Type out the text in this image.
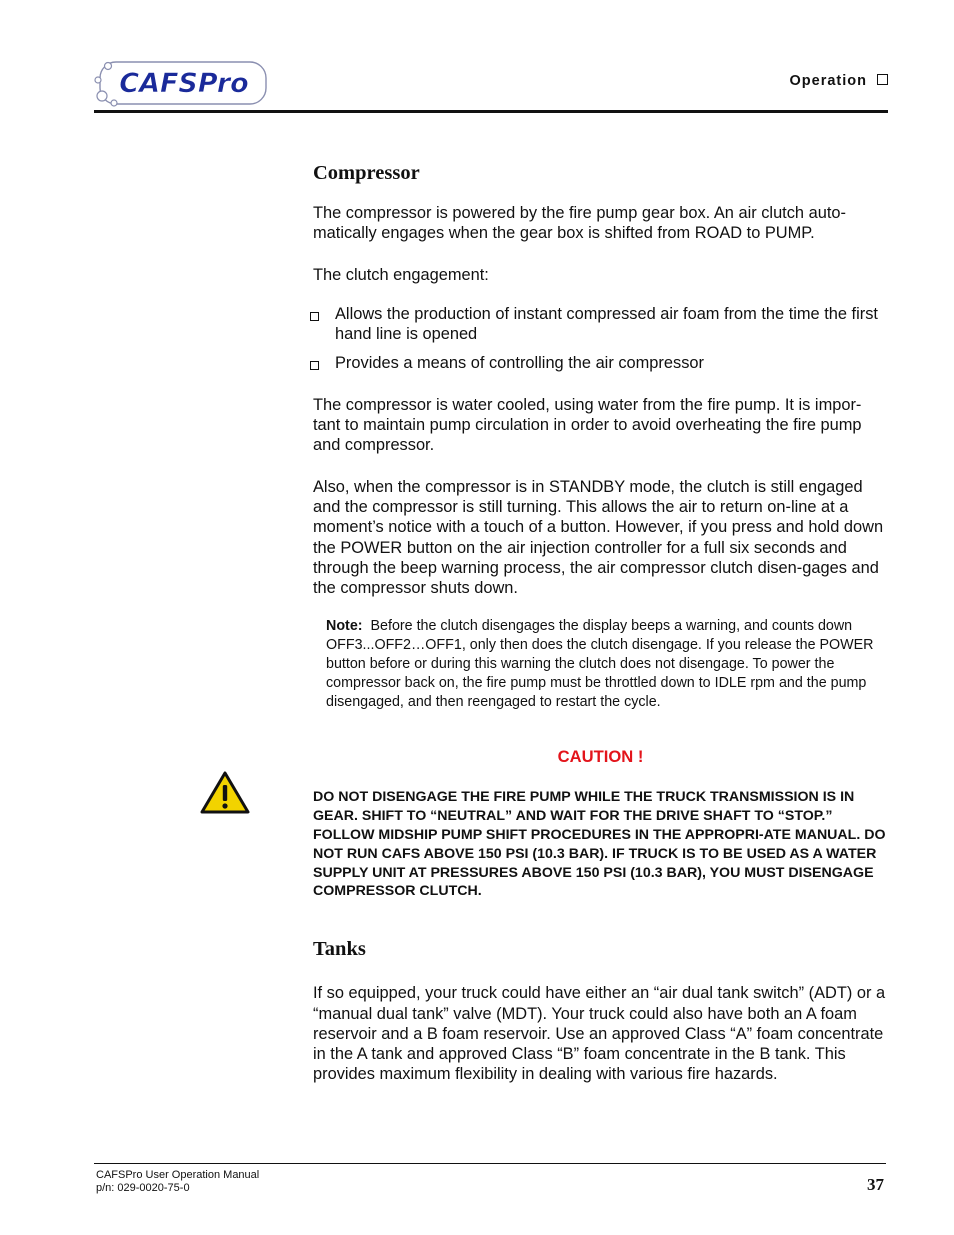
CAFSPro	Operation
Compressor

The compressor is powered by the fire pump gear box. An air clutch auto-matically engages when the gear box is shifted from ROAD to PUMP.

The clutch engagement:

Allows the production of instant compressed air foam from the time the first hand line is opened
Provides a means of controlling the air compressor

The compressor is water cooled, using water from the fire pump. It is impor-tant to maintain pump circulation in order to avoid overheating the fire pump and compressor.

Also, when the compressor is in STANDBY mode, the clutch is still engaged and the compressor is still turning. This allows the air to return on-line at a moment’s notice with a touch of a button. However, if you press and hold down the POWER button on the air injection controller for a full six seconds and through the beep warning process, the air compressor clutch disen-gages and the compressor shuts down.

Note: Before the clutch disengages the display beeps a warning, and counts down OFF3...OFF2…OFF1, only then does the clutch disengage. If you release the POWER button before or during this warning the clutch does not disengage. To power the compressor back on, the fire pump must be throttled down to IDLE rpm and the pump disengaged, and then reengaged to restart the cycle.
CAUTION !
DO NOT DISENGAGE THE FIRE PUMP WHILE THE TRUCK TRANSMISSION IS IN GEAR. SHIFT TO “NEUTRAL” AND WAIT FOR THE DRIVE SHAFT TO “STOP.” FOLLOW MIDSHIP PUMP SHIFT PROCEDURES IN THE APPROPRI-ATE MANUAL. DO NOT RUN CAFS ABOVE 150 PSI (10.3 BAR). IF TRUCK IS TO BE USED AS A WATER SUPPLY UNIT AT PRESSURES ABOVE 150 PSI (10.3 BAR), YOU MUST DISENGAGE COMPRESSOR CLUTCH.
Tanks

If so equipped, your truck could have either an “air dual tank switch” (ADT) or a “manual dual tank” valve (MDT). Your truck could also have both an A foam reservoir and a B foam reservoir. Use an approved Class “A” foam concentrate in the A tank and approved Class “B” foam concentrate in the B tank. This provides maximum flexibility in dealing with various fire hazards.

CAFSPro User Operation Manual
p/n: 029-0020-75-0	37
